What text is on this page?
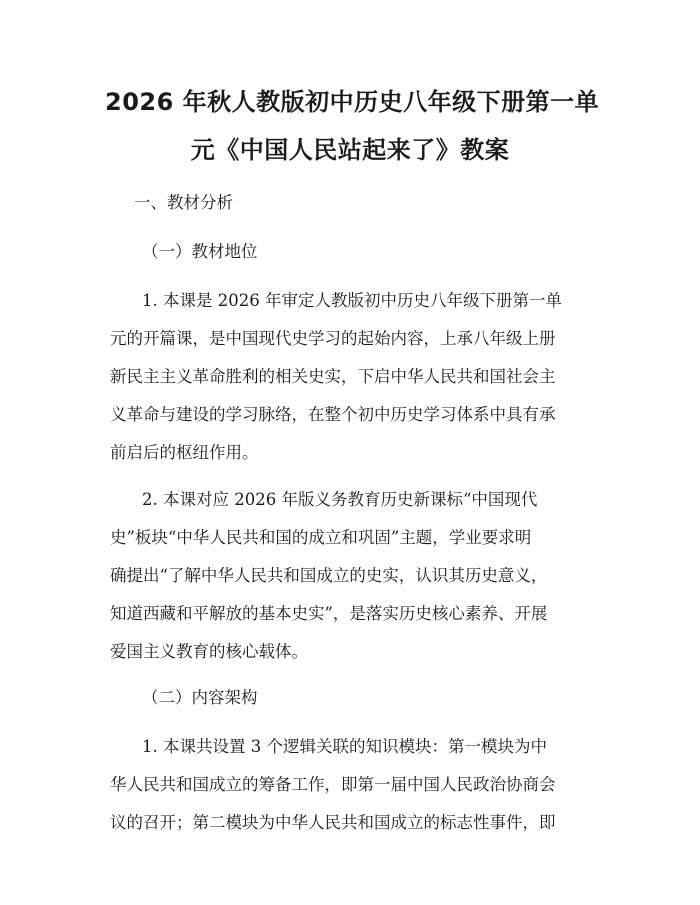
2026 年秋人教版初中历史八年级下册第一单
元《中国人民站起来了》教案
一、教材分析
（一）教材地位
1. 本课是 2026 年审定人教版初中历史八年级下册第一单
元的开篇课，是中国现代史学习的起始内容，上承八年级上册
新民主主义革命胜利的相关史实，下启中华人民共和国社会主
义革命与建设的学习脉络，在整个初中历史学习体系中具有承
前启后的枢纽作用。
2. 本课对应 2026 年版义务教育历史新课标“中国现代
史”板块“中华人民共和国的成立和巩固”主题，学业要求明
确提出“了解中华人民共和国成立的史实，认识其历史意义，
知道西藏和平解放的基本史实”，是落实历史核心素养、开展
爱国主义教育的核心载体。
（二）内容架构
1. 本课共设置 3 个逻辑关联的知识模块：第一模块为中
华人民共和国成立的筹备工作，即第一届中国人民政治协商会
议的召开；第二模块为中华人民共和国成立的标志性事件，即
